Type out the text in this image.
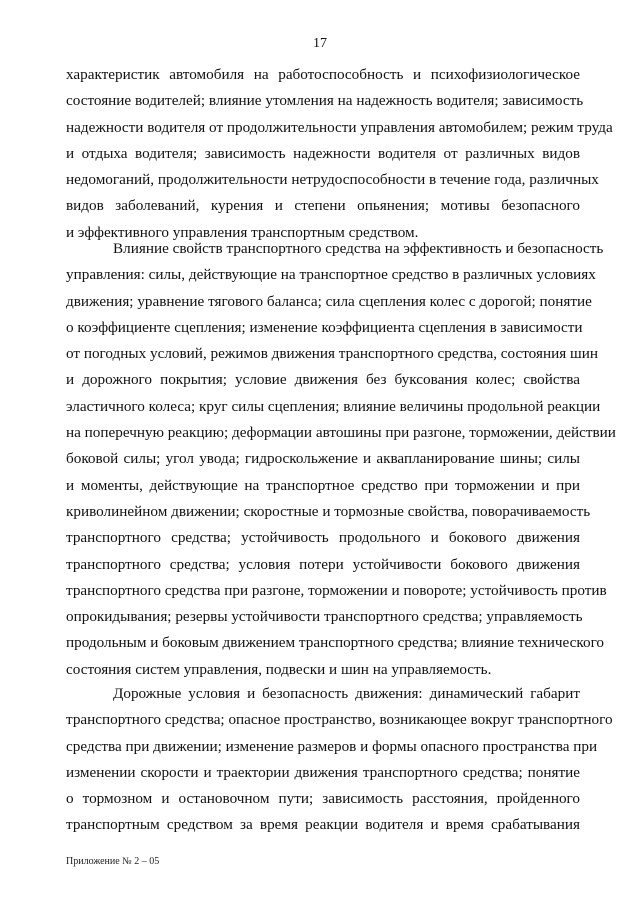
17
характеристик автомобиля на работоспособность и психофизиологическое
состояние водителей; влияние утомления на надежность водителя; зависимость
надежности водителя от продолжительности управления автомобилем; режим труда
и отдыха водителя; зависимость надежности водителя от различных видов
недомоганий, продолжительности нетрудоспособности в течение года, различных
видов заболеваний, курения и степени опьянения; мотивы безопасного
и эффективного управления транспортным средством.
Влияние свойств транспортного средства на эффективность и безопасность
управления: силы, действующие на транспортное средство в различных условиях
движения; уравнение тягового баланса; сила сцепления колес с дорогой; понятие
о коэффициенте сцепления; изменение коэффициента сцепления в зависимости
от погодных условий, режимов движения транспортного средства, состояния шин
и дорожного покрытия; условие движения без буксования колес; свойства
эластичного колеса; круг силы сцепления; влияние величины продольной реакции
на поперечную реакцию; деформации автошины при разгоне, торможении, действии
боковой силы; угол увода; гидроскольжение и аквапланирование шины; силы
и моменты, действующие на транспортное средство при торможении и при
криволинейном движении; скоростные и тормозные свойства, поворачиваемость
транспортного средства; устойчивость продольного и бокового движения
транспортного средства; условия потери устойчивости бокового движения
транспортного средства при разгоне, торможении и повороте; устойчивость против
опрокидывания; резервы устойчивости транспортного средства; управляемость
продольным и боковым движением транспортного средства; влияние технического
состояния систем управления, подвески и шин на управляемость.
Дорожные условия и безопасность движения: динамический габарит
транспортного средства; опасное пространство, возникающее вокруг транспортного
средства при движении; изменение размеров и формы опасного пространства при
изменении скорости и траектории движения транспортного средства; понятие
о тормозном и остановочном пути; зависимость расстояния, пройденного
транспортным средством за время реакции водителя и время срабатывания
Приложение № 2 – 05
